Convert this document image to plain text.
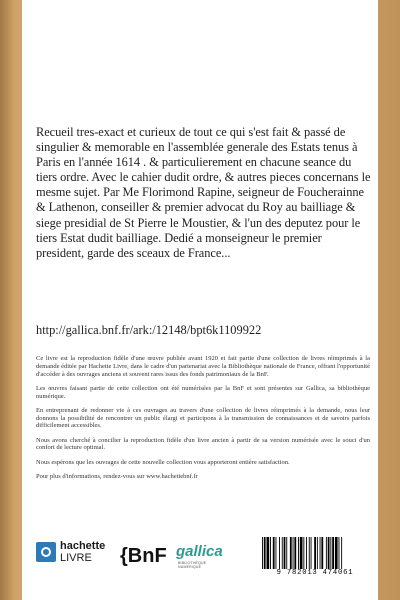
Recueil tres-exact et curieux de tout ce qui s'est fait & passé de singulier & memorable en l'assemblée generale des Estats tenus à Paris en l'année 1614 . & particulierement en chacune seance du tiers ordre. Avec le cahier dudit ordre, & autres pieces concernans le mesme sujet. Par Me Florimond Rapine, seigneur de Foucherainne & Lathenon, conseiller & premier advocat du Roy au bailliage & siege presidial de St Pierre le Moustier, & l'un des deputez pour le tiers Estat dudit bailliage. Dedié a monseigneur le premier president, garde des sceaux de France...

http://gallica.bnf.fr/ark:/12148/bpt6k1109922

Ce livre est la reproduction fidèle d'une œuvre publiée avant 1920 et fait partie d'une collection de livres réimprimés à la demande éditée par Hachette Livre, dans le cadre d'un partenariat avec la Bibliothèque nationale de France, offrant l'opportunité d'accéder à des ouvrages anciens et souvent rares issus des fonds patrimoniaux de la BnF.

Les œuvres faisant partie de cette collection ont été numérisées par la BnF et sont présentes sur Gallica, sa bibliothèque numérique.

En entreprenant de redonner vie à ces ouvrages au travers d'une collection de livres réimprimés à la demande, nous leur donnons la possibilité de rencontrer un public élargi et participons à la transmission de connaissances et de savoirs parfois difficilement accessibles.

Nous avons cherché à concilier la reproduction fidèle d'un livre ancien à partir de sa version numérisée avec le souci d'un confort de lecture optimal.

Nous espérons que les ouvrages de cette nouvelle collection vous apporteront entière satisfaction.

Pour plus d'informations, rendez-vous sur www.hachettebnf.fr

hachette
LIVRE {BnF gallica
BIBLIOTHÈQUE NUMÉRIQUE
9 782013 474061
